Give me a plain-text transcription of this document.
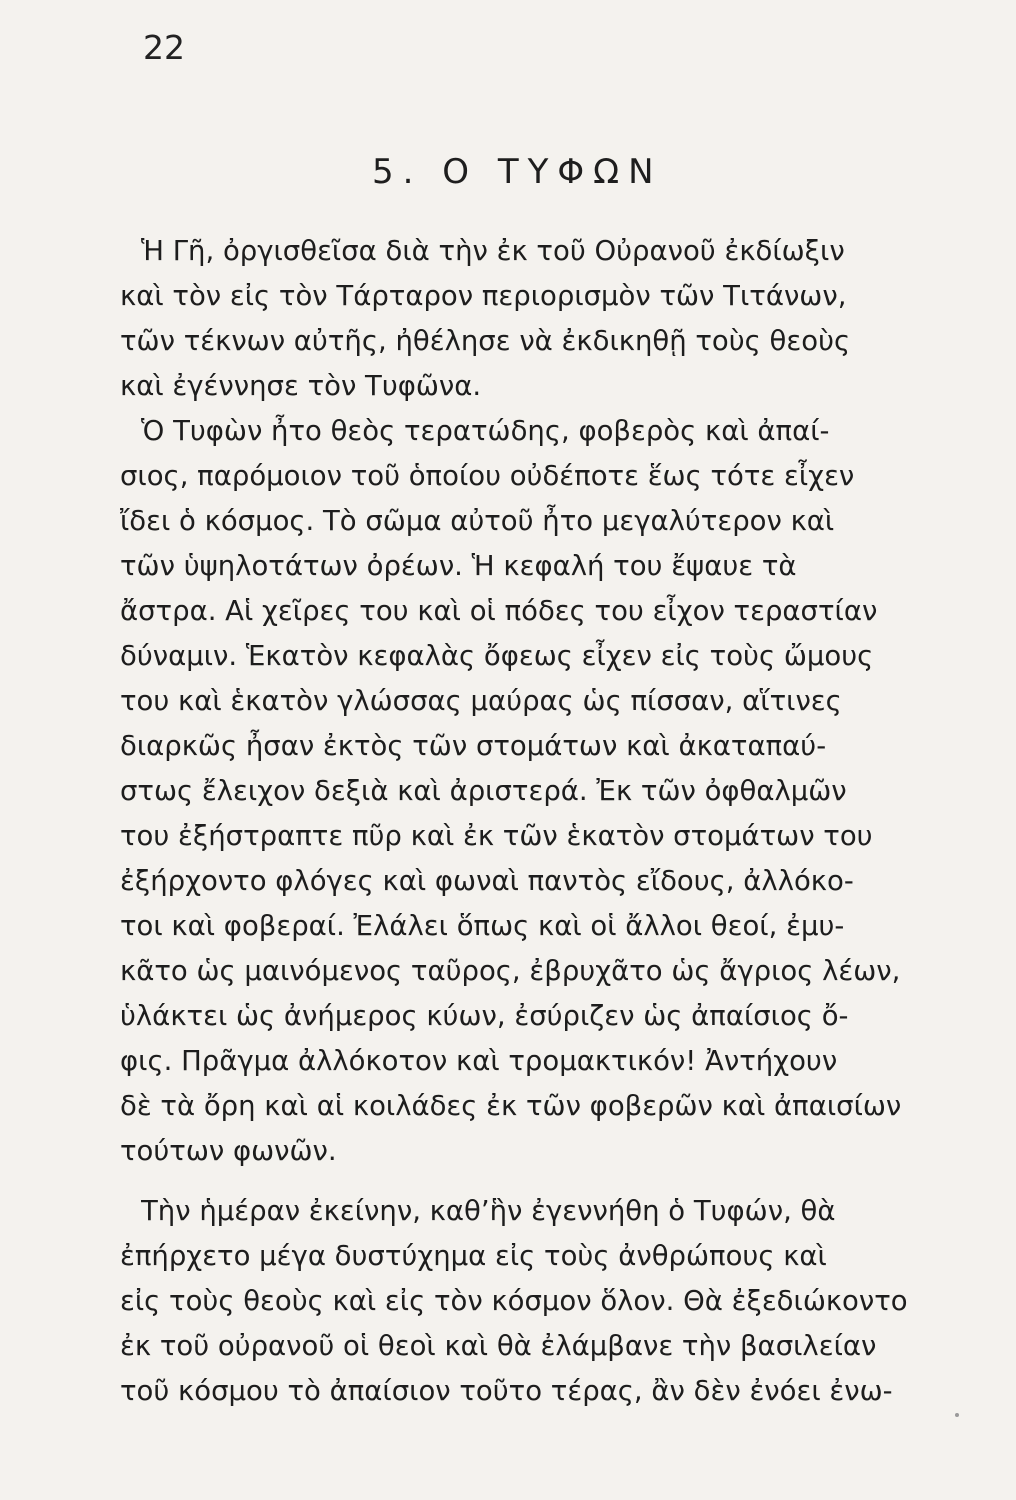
22
5. Ο ΤΥΦΩΝ
Ἡ Γῆ, ὀργισθεῖσα διὰ τὴν ἐκ τοῦ Οὐρανοῦ ἐκδίωξιν
καὶ τὸν εἰς τὸν Τάρταρον περιορισμὸν τῶν Τιτάνων,
τῶν τέκνων αὐτῆς, ἠθέλησε νὰ ἐκδικηθῇ τοὺς θεοὺς
καὶ ἐγέννησε τὸν Τυφῶνα.
Ὁ Τυφὼν ἦτο θεὸς τερατώδης, φοβερὸς καὶ ἀπαί-
σιος, παρόμοιον τοῦ ὁποίου οὐδέποτε ἕως τότε εἶχεν
ἴδει ὁ κόσμος. Τὸ σῶμα αὐτοῦ ἦτο μεγαλύτερον καὶ
τῶν ὑψηλοτάτων ὀρέων. Ἡ κεφαλή του ἔψαυε τὰ
ἄστρα. Αἱ χεῖρες του καὶ οἱ πόδες του εἶχον τεραστίαν
δύναμιν. Ἑκατὸν κεφαλὰς ὄφεως εἶχεν εἰς τοὺς ὤμους
του καὶ ἑκατὸν γλώσσας μαύρας ὡς πίσσαν, αἵτινες
διαρκῶς ἦσαν ἐκτὸς τῶν στομάτων καὶ ἀκαταπαύ-
στως ἔλειχον δεξιὰ καὶ ἀριστερά. Ἐκ τῶν ὀφθαλμῶν
του ἐξήστραπτε πῦρ καὶ ἐκ τῶν ἑκατὸν στομάτων του
ἐξήρχοντο φλόγες καὶ φωναὶ παντὸς εἴδους, ἀλλόκο-
τοι καὶ φοβεραί. Ἐλάλει ὅπως καὶ οἱ ἄλλοι θεοί, ἐμυ-
κᾶτο ὡς μαινόμενος ταῦρος, ἐβρυχᾶτο ὡς ἄγριος λέων,
ὑλάκτει ὡς ἀνήμερος κύων, ἐσύριζεν ὡς ἀπαίσιος ὄ-
φις. Πρᾶγμα ἀλλόκοτον καὶ τρομακτικόν! Ἀντήχουν
δὲ τὰ ὄρη καὶ αἱ κοιλάδες ἐκ τῶν φοβερῶν καὶ ἀπαισίων
τούτων φωνῶν.
Τὴν ἡμέραν ἐκείνην, καθ’ἣν ἐγεννήθη ὁ Τυφών, θὰ
ἐπήρχετο μέγα δυστύχημα εἰς τοὺς ἀνθρώπους καὶ
εἰς τοὺς θεοὺς καὶ εἰς τὸν κόσμον ὅλον. Θὰ ἐξεδιώκοντο
ἐκ τοῦ οὐρανοῦ οἱ θεοὶ καὶ θὰ ἐλάμβανε τὴν βασιλείαν
τοῦ κόσμου τὸ ἀπαίσιον τοῦτο τέρας, ἂν δὲν ἐνόει ἐνω-
